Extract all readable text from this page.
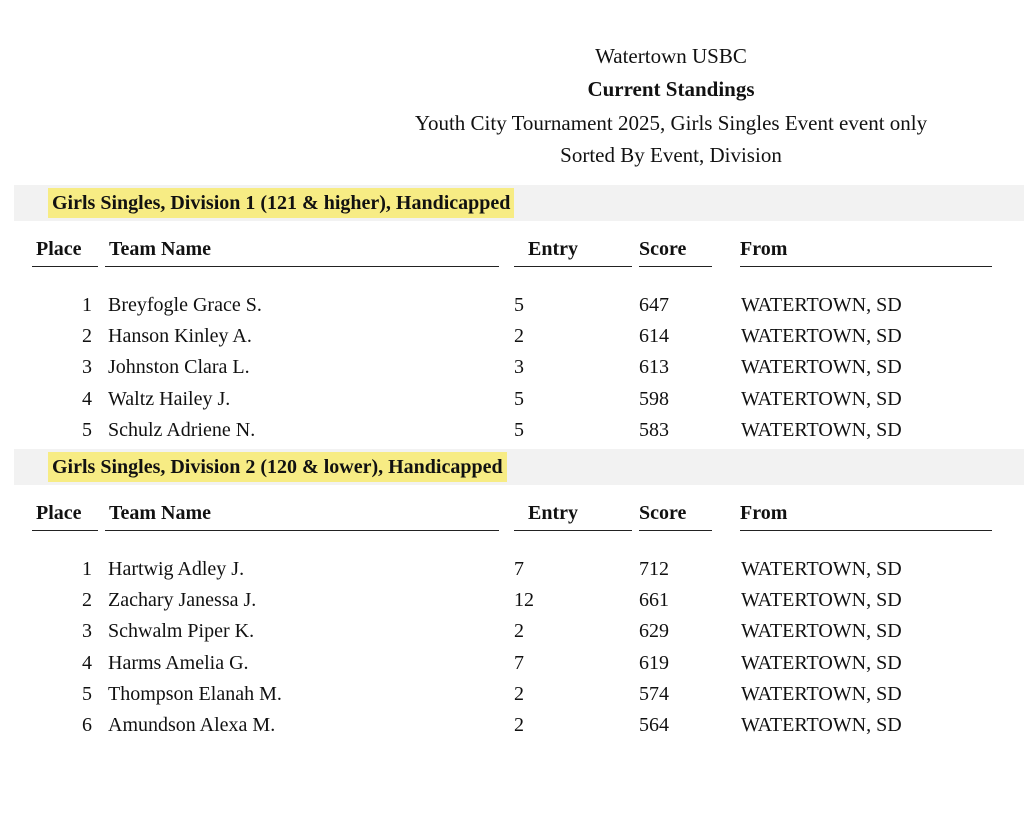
Watertown USBC
Current Standings
Youth City Tournament 2025, Girls Singles Event event only
Sorted By Event, Division
Girls Singles, Division 1 (121 & higher), Handicapped
Place Team Name	Entry	Score	From
1 Breyfogle Grace S.	5	647	WATERTOWN, SD
2 Hanson Kinley A.	2	614	WATERTOWN, SD
3 Johnston Clara L.	3	613	WATERTOWN, SD
4 Waltz Hailey J.	5	598	WATERTOWN, SD
5 Schulz Adriene N.	5	583	WATERTOWN, SD
Girls Singles, Division 2 (120 & lower), Handicapped
Place Team Name	Entry	Score	From
1 Hartwig Adley J.	7	712	WATERTOWN, SD
2 Zachary Janessa J.	12	661	WATERTOWN, SD
3 Schwalm Piper K.	2	629	WATERTOWN, SD
4 Harms Amelia G.	7	619	WATERTOWN, SD
5 Thompson Elanah M.	2	574	WATERTOWN, SD
6 Amundson Alexa M.	2	564	WATERTOWN, SD
